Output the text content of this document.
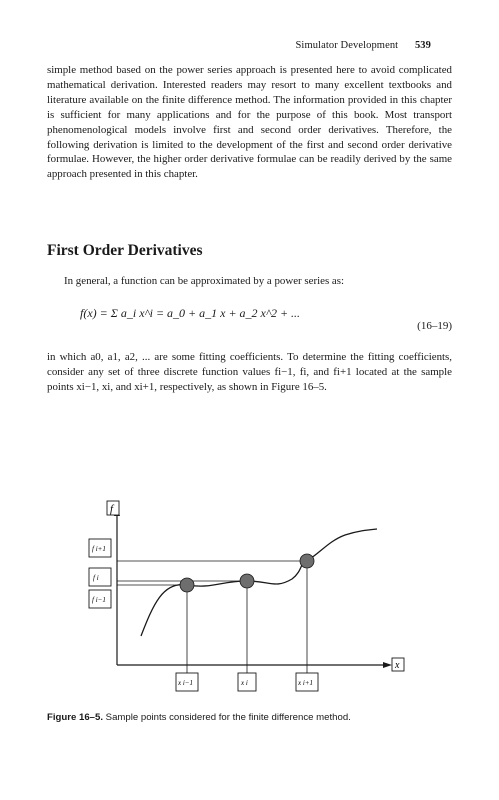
Simulator Development 539

simple method based on the power series approach is presented here to avoid complicated mathematical derivation. Interested readers may resort to many excellent textbooks and literature available on the finite difference method. The information provided in this chapter is sufficient for many applications and for the purpose of this book. Most transport phenomenological models involve first and second order derivatives. Therefore, the following derivation is limited to the development of the first and second order derivative formulae. However, the higher order derivative formulae can be readily derived by the same approach presented in this chapter.

First Order Derivatives

In general, a function can be approximated by a power series as:

f(x) = Σ a_i x^i = a_0 + a_1 x + a_2 x^2 + ...
(16–19)

in which a0, a1, a2, ... are some fitting coefficients. To determine the fitting coefficients, consider any set of three discrete function values fi−1, fi, and fi+1 located at the sample points xi−1, xi, and xi+1, respectively, as shown in Figure 16–5.

f
x
f i+1
f i
f i−1
x i−1	x i	x i+1

Figure 16–5. Sample points considered for the finite difference method.
